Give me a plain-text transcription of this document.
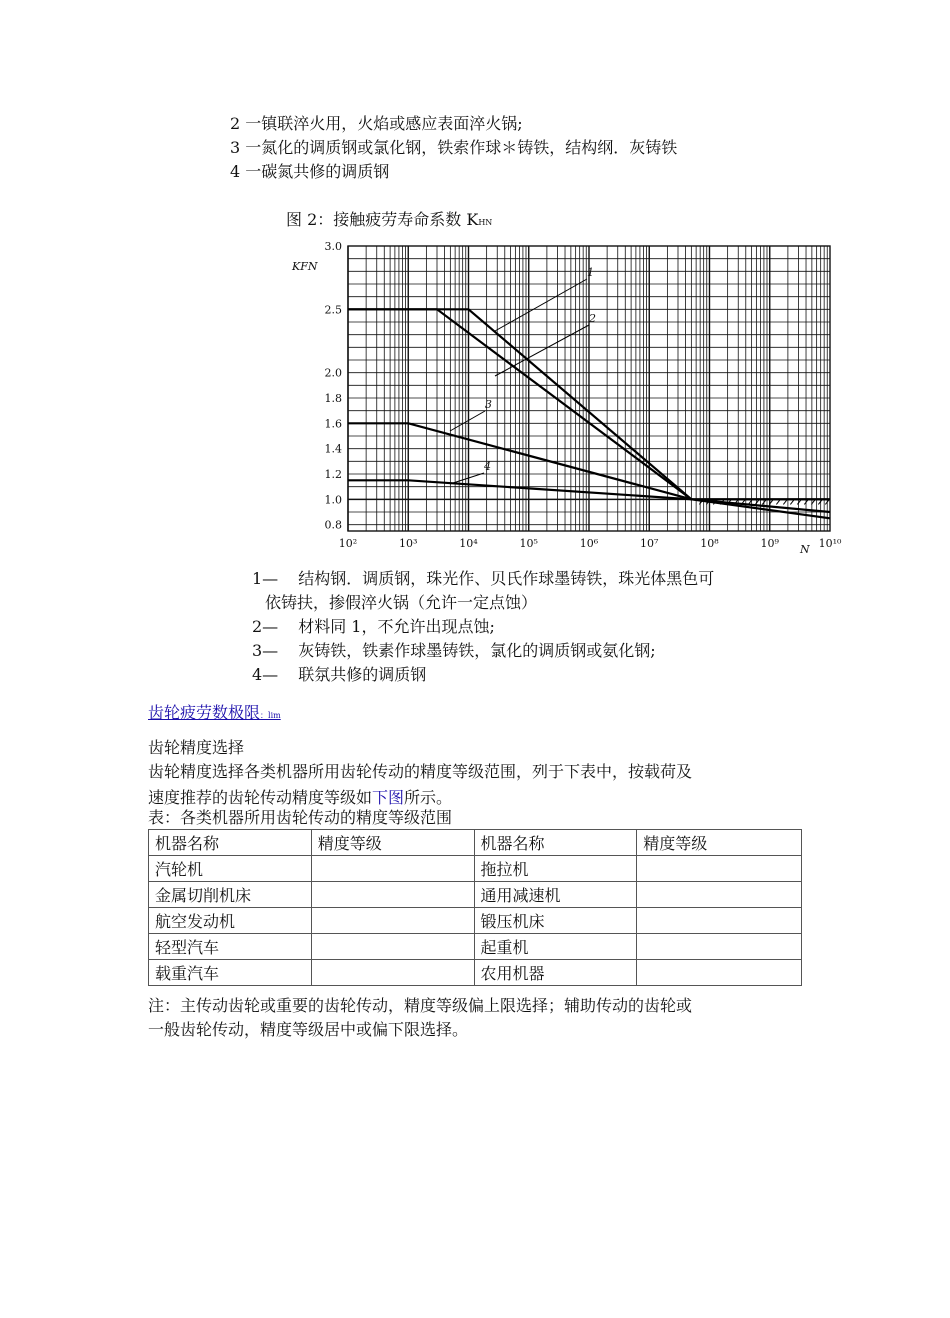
2 一镇联淬火用，火焰或感应表面淬火锅;
3 一氮化的调质钢或氯化钢，铁索作球＊铸铁，结构纲．灰铸铁
4 一碳氮共修的调质钢
图 2：接触疲劳寿命系数 KHN
3.0
2.5
2.0
1.8
1.6
1.4
1.2
1.0
0.8
10²	10³	10⁴	10⁵	10⁶	10⁷	10⁸	10⁹	10¹⁰
KFN
N
1
2
3
4
1— 结构钢．调质钢，珠光作、贝氏作球墨铸铁，珠光体黑色可
依铸扶，掺假淬火锅（允许一定点蚀）
2— 材料同 1，不允许出现点蚀;
3— 灰铸铁，铁素作球墨铸铁，氯化的调质钢或氨化钢;
4— 联氛共修的调质钢
齿轮疲劳数极限：lim
齿轮精度选择
齿轮精度选择各类机器所用齿轮传动的精度等级范围，列于下表中，按载荷及
速度推荐的齿轮传动精度等级如下图所示。
表：各类机器所用齿轮传动的精度等级范围
机器名称	精度等级	机器名称	精度等级
汽轮机		拖拉机	
金属切削机床		通用减速机	
航空发动机		锻压机床	
轻型汽车		起重机	
载重汽车		农用机器	
注：主传动齿轮或重要的齿轮传动，精度等级偏上限选择；辅助传动的齿轮或
一般齿轮传动，精度等级居中或偏下限选择。
